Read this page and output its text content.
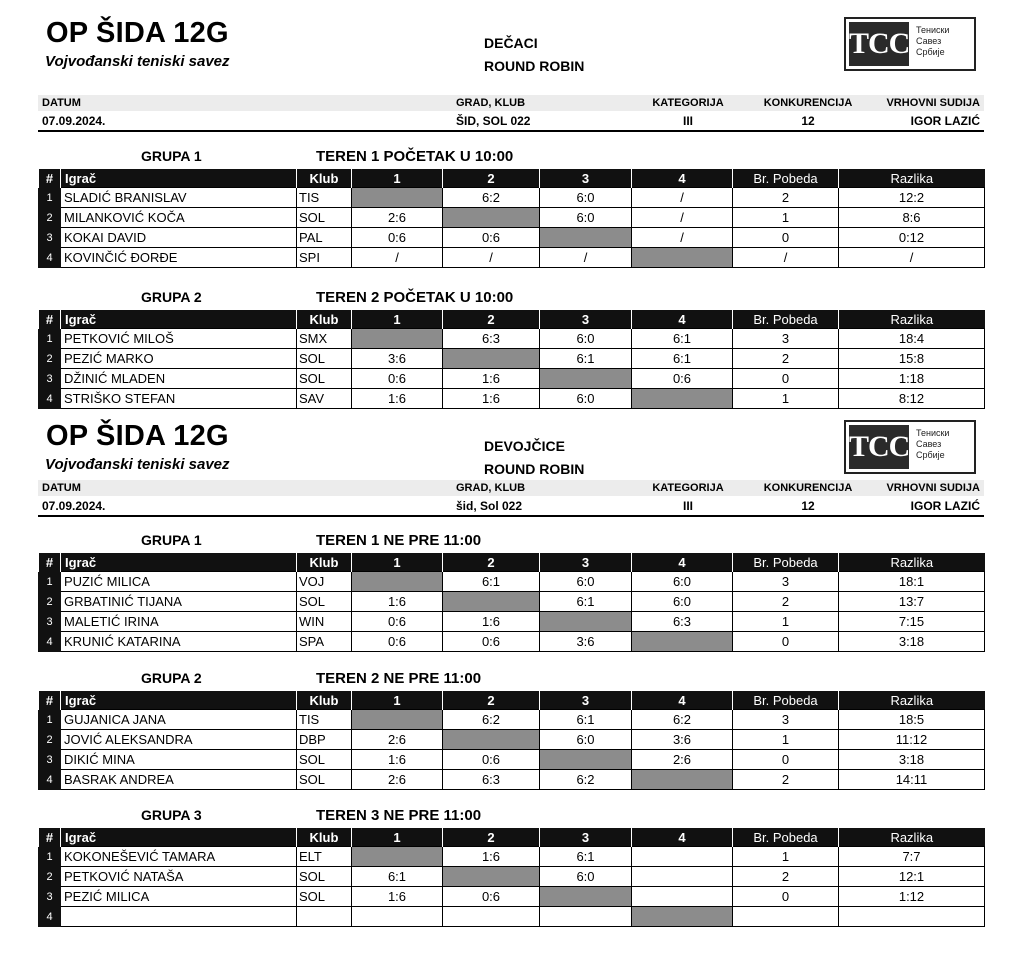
OP ŠIDA 12G
Vojvođanski teniski savez
DEČACI
ROUND ROBIN
TCC Тениски
Савез
Србије
DATUM	GRAD, KLUB	KATEGORIJA	KONKURENCIJA	VRHOVNI SUDIJA
07.09.2024.	ŠID, SOL 022	III	12	IGOR LAZIĆ
GRUPA 1	TEREN 1 POČETAK U 10:00
#	Igrač	Klub	1	2	3	4	Br. Pobeda	Razlika
1	SLADIĆ BRANISLAV	TIS		6:2	6:0	/	2	12:2
2	MILANKOVIĆ KOČA	SOL	2:6		6:0	/	1	8:6
3	KOKAI DAVID	PAL	0:6	0:6		/	0	0:12
4	KOVINČIĆ ĐORĐE	SPI	/	/	/		/	/
GRUPA 2	TEREN 2 POČETAK U 10:00
#	Igrač	Klub	1	2	3	4	Br. Pobeda	Razlika
1	PETKOVIĆ MILOŠ	SMX		6:3	6:0	6:1	3	18:4
2	PEZIĆ MARKO	SOL	3:6		6:1	6:1	2	15:8
3	DŽINIĆ MLADEN	SOL	0:6	1:6		0:6	0	1:18
4	STRIŠKO STEFAN	SAV	1:6	1:6	6:0		1	8:12
OP ŠIDA 12G
Vojvođanski teniski savez
DEVOJČICE
ROUND ROBIN
TCC Тениски
Савез
Србије
DATUM	GRAD, KLUB	KATEGORIJA	KONKURENCIJA	VRHOVNI SUDIJA
07.09.2024.	šid, Sol 022	III	12	IGOR LAZIĆ
GRUPA 1	TEREN 1 NE PRE 11:00
#	Igrač	Klub	1	2	3	4	Br. Pobeda	Razlika
1	PUZIĆ MILICA	VOJ		6:1	6:0	6:0	3	18:1
2	GRBATINIĆ TIJANA	SOL	1:6		6:1	6:0	2	13:7
3	MALETIĆ IRINA	WIN	0:6	1:6		6:3	1	7:15
4	KRUNIĆ KATARINA	SPA	0:6	0:6	3:6		0	3:18
GRUPA 2	TEREN 2 NE PRE 11:00
#	Igrač	Klub	1	2	3	4	Br. Pobeda	Razlika
1	GUJANICA JANA	TIS		6:2	6:1	6:2	3	18:5
2	JOVIĆ ALEKSANDRA	DBP	2:6		6:0	3:6	1	11:12
3	DIKIĆ MINA	SOL	1:6	0:6		2:6	0	3:18
4	BASRAK ANDREA	SOL	2:6	6:3	6:2		2	14:11
GRUPA 3	TEREN 3 NE PRE 11:00
#	Igrač	Klub	1	2	3	4	Br. Pobeda	Razlika
1	KOKONEŠEVIĆ TAMARA	ELT		1:6	6:1		1	7:7
2	PETKOVIĆ NATAŠA	SOL	6:1		6:0		2	12:1
3	PEZIĆ MILICA	SOL	1:6	0:6			0	1:12
4								
